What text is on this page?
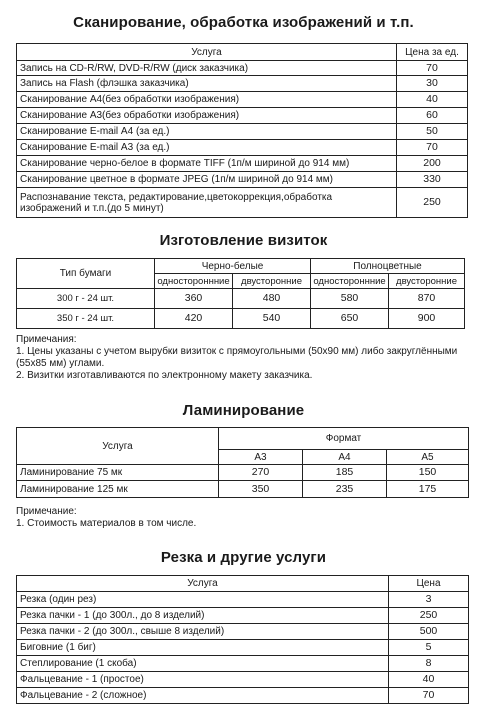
Сканирование, обработка изображений и т.п.
Услуга	Цена за ед.
Запись на CD-R/RW, DVD-R/RW (диск заказчика)	70
Запись на Flash (флэшка заказчика)	30
Сканирование А4(без обработки изображения)	40
Сканирование А3(без обработки изображения)	60
Сканирование E-mail А4 (за ед.)	50
Сканирование E-mail А3 (за ед.)	70
Сканирование черно-белое в формате TIFF (1п/м шириной до 914 мм)	200
Сканирование цветное в формате JPEG (1п/м шириной до 914 мм)	330
Распознавание текста, редактирование,цветокоррекция,обработка изображений и т.п.(до 5 минут)	250
Изготовление визиток
Тип бумаги	Черно-белые		Полноцветные	
	одностороннние	двусторонние	одностороннние	двусторонние
300 г - 24 шт.	360	480	580	870
350 г - 24 шт.	420	540	650	900

Примечания:

1. Цены указаны с учетом вырубки визиток с прямоугольными (50х90 мм) либо закруглёнными (55х85 мм) углами.

2. Визитки изготавливаются по электронному макету заказчика.

Ламинирование
Услуга	Формат		
	А3	А4	А5
Ламинирование 75 мк	270	185	150
Ламинирование 125 мк	350	235	175

Примечание:

1. Стоимость материалов в том числе.

Резка и другие услуги
Услуга	Цена
Резка (один рез)	3
Резка пачки - 1 (до 300л., до 8 изделий)	250
Резка пачки - 2 (до 300л., свыше 8 изделий)	500
Биговние (1 биг)	5
Степлирование (1 скоба)	8
Фальцевание - 1 (простое)	40
Фальцевание - 2 (сложное)	70
